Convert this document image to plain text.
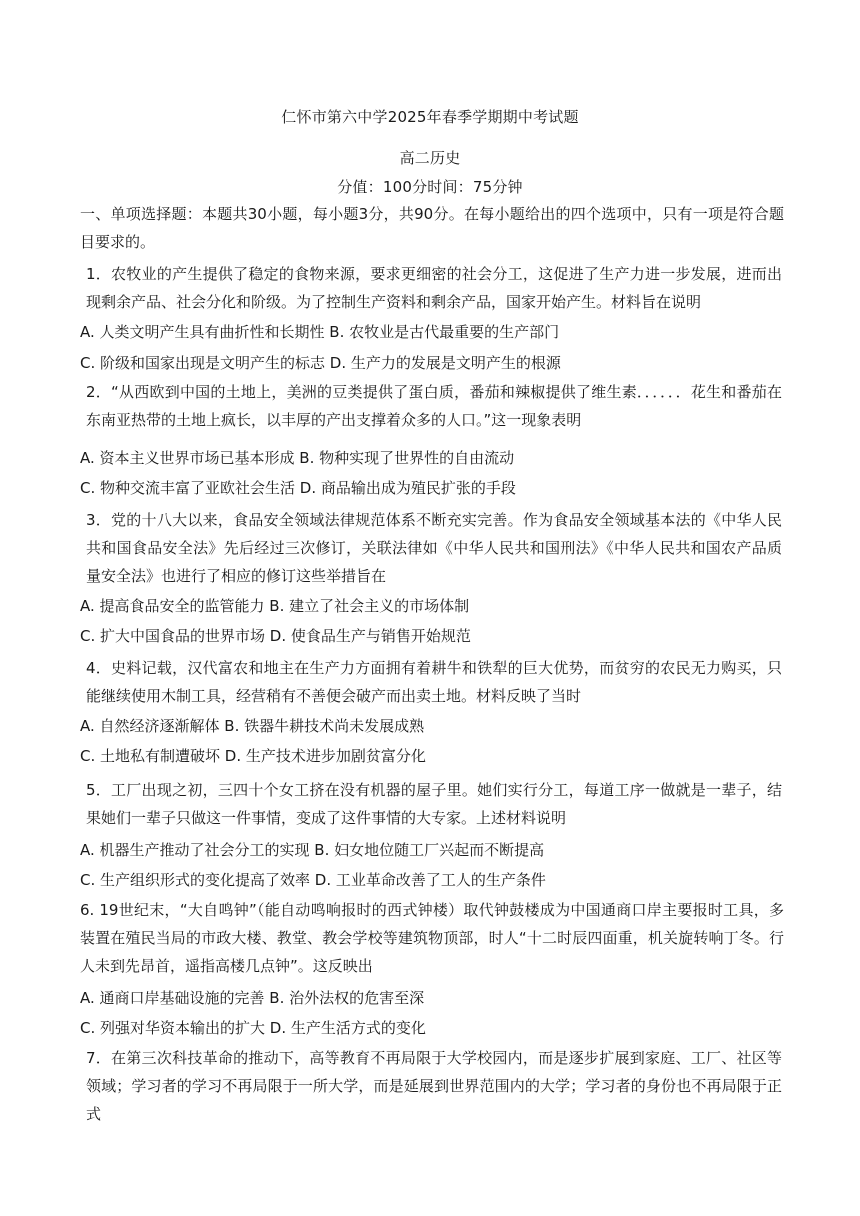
仁怀市第六中学2025年春季学期期中考试题
高二历史
分值：100分时间：75分钟
一、单项选择题：本题共30小题，每小题3分，共90分。在每小题给出的四个选项中，只有一项是符合题目要求的。
1．农牧业的产生提供了稳定的食物来源，要求更细密的社会分工，这促进了生产力进一步发展，进而出现剩余产品、社会分化和阶级。为了控制生产资料和剩余产品，国家开始产生。材料旨在说明
A. 人类文明产生具有曲折性和长期性 B. 农牧业是古代最重要的生产部门
C. 阶级和国家出现是文明产生的标志 D. 生产力的发展是文明产生的根源
2．“从西欧到中国的土地上，美洲的豆类提供了蛋白质，番茄和辣椒提供了维生素．．．．．．花生和番茄在东南亚热带的土地上疯长，以丰厚的产出支撑着众多的人口。”这一现象表明
A. 资本主义世界市场已基本形成 B. 物种实现了世界性的自由流动
C. 物种交流丰富了亚欧社会生活 D. 商品输出成为殖民扩张的手段
3．党的十八大以来，食品安全领域法律规范体系不断充实完善。作为食品安全领域基本法的《中华人民共和国食品安全法》先后经过三次修订，关联法律如《中华人民共和国刑法》《中华人民共和国农产品质量安全法》也进行了相应的修订这些举措旨在
A. 提高食品安全的监管能力 B. 建立了社会主义的市场体制
C. 扩大中国食品的世界市场 D. 使食品生产与销售开始规范
4．史料记载，汉代富农和地主在生产力方面拥有着耕牛和铁犁的巨大优势，而贫穷的农民无力购买，只能继续使用木制工具，经营稍有不善便会破产而出卖土地。材料反映了当时
A. 自然经济逐渐解体 B. 铁器牛耕技术尚未发展成熟
C. 土地私有制遭破坏 D. 生产技术进步加剧贫富分化
5．工厂出现之初，三四十个女工挤在没有机器的屋子里。她们实行分工，每道工序一做就是一辈子，结果她们一辈子只做这一件事情，变成了这件事情的大专家。上述材料说明
A. 机器生产推动了社会分工的实现 B. 妇女地位随工厂兴起而不断提高
C. 生产组织形式的变化提高了效率 D. 工业革命改善了工人的生产条件
6. 19世纪末，“大自鸣钟”（能自动鸣响报时的西式钟楼）取代钟鼓楼成为中国通商口岸主要报时工具，多装置在殖民当局的市政大楼、教堂、教会学校等建筑物顶部，时人“十二时辰四面重，机关旋转响丁冬。行人未到先昂首，遥指高楼几点钟”。这反映出
A. 通商口岸基础设施的完善 B. 治外法权的危害至深
C. 列强对华资本输出的扩大 D. 生产生活方式的变化
7．在第三次科技革命的推动下，高等教育不再局限于大学校园内，而是逐步扩展到家庭、工厂、社区等领域；学习者的学习不再局限于一所大学，而是延展到世界范围内的大学；学习者的身份也不再局限于正式
